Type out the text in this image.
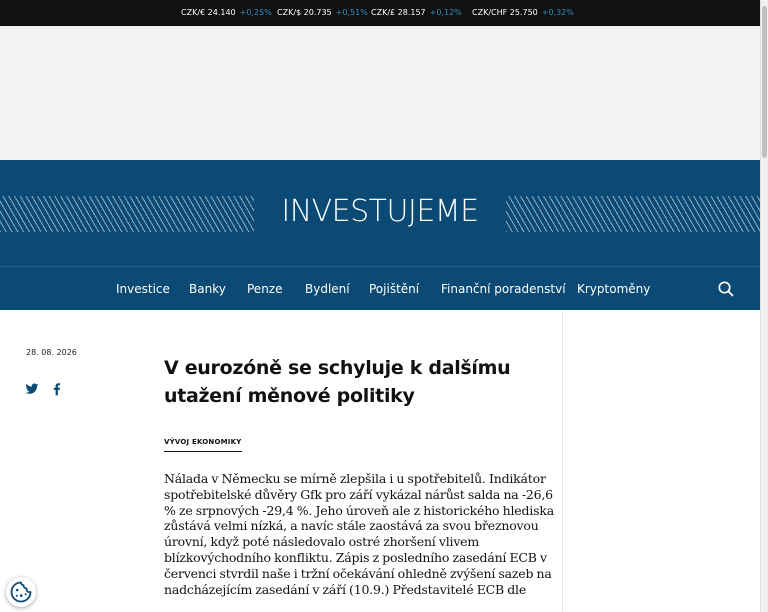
CZK/€ 24.140 +0,25% CZK/$ 20.735 +0,51% CZK/£ 28.157 +0,12% CZK/CHF 25.750 +0,32%
INVESTUJEME
Investice Banky Penze Bydlení Pojištění Finanční poradenství Kryptoměny
28. 08. 2026
V eurozóně se schyluje k dalšímu utažení měnové politiky
VÝVOJ EKONOMIKY

Nálada v Německu se mírně zlepšila i u spotřebitelů. Indikátor spotřebitelské důvěry Gfk pro září vykázal nárůst salda na -26,6 % ze srpnových -29,4 %. Jeho úroveň ale z historického hlediska zůstává velmi nízká, a navíc stále zaostává za svou březnovou úrovní, když poté následovalo ostré zhoršení vlivem blízkovýchodního konfliktu. Zápis z posledního zasedání ECB v červenci stvrdil naše i tržní očekávání ohledně zvýšení sazeb na nadcházejícím zasedání v září (10.9.) Představitelé ECB dle
